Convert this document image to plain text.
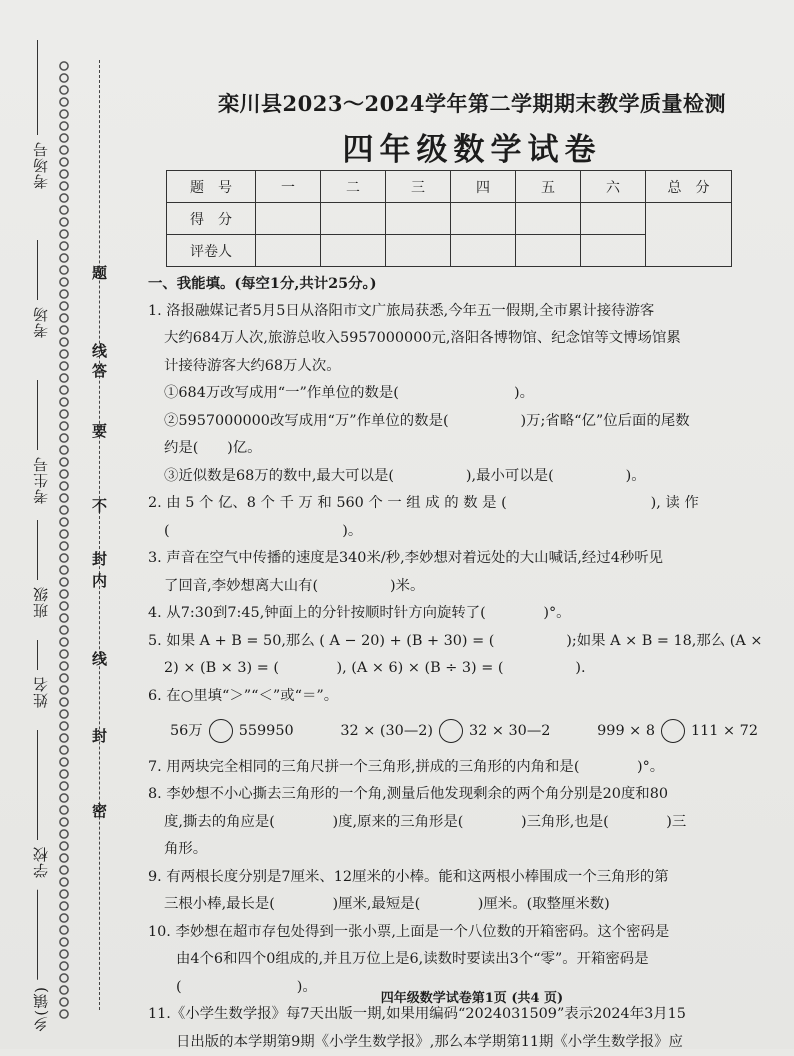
考场号
考场
考生号
班级
姓名
学校
乡(镇)
题
线
答
要
不
封
内
线
封
密
栾川县2023～2024学年第二学期期末教学质量检测
四年级数学试卷
题　号	一	二	三	四	五	六	总　分
得　分							
评卷人							

一、我能填。(每空1分,共计25分。)

1. 洛报融媒记者5月5日从洛阳市文广旅局获悉,今年五一假期,全市累计接待游客

大约684万人次,旅游总收入5957000000元,洛阳各博物馆、纪念馆等文博场馆累

计接待游客大约68万人次。

①684万改写成用“一”作单位的数是(　　　　　　　　)。

②5957000000改写成用“万”作单位的数是(　　　　　)万;省略“亿”位后面的尾数

约是(　　)亿。

③近似数是68万的数中,最大可以是(　　　　　),最小可以是(　　　　　)。

2. 由 5 个 亿、8 个 千 万 和 560 个 一 组 成 的 数 是 (　　　　　　　　　　), 读 作

(　　　　　　　　　　　　)。

3. 声音在空气中传播的速度是340米/秒,李妙想对着远处的大山喊话,经过4秒听见

了回音,李妙想离大山有(　　　　　)米。

4. 从7:30到7:45,钟面上的分针按顺时针方向旋转了(　　　　)°。

5. 如果 A + B = 50,那么 ( A − 20) + (B + 30) = (　　　　　);如果 A × B = 18,那么 (A ×

2) × (B × 3) = (　　　　), (A × 6) × (B ÷ 3) = (　　　　　).

6. 在○里填“＞”“＜”或“＝”。

56万	559950	32 × (30—2)	32 × 30—2	999 × 8	111 × 72

7. 用两块完全相同的三角尺拼一个三角形,拼成的三角形的内角和是(　　　　)°。

8. 李妙想不小心撕去三角形的一个角,测量后他发现剩余的两个角分别是20度和80

度,撕去的角应是(　　　　)度,原来的三角形是(　　　　)三角形,也是(　　　　)三

角形。

9. 有两根长度分别是7厘米、12厘米的小棒。能和这两根小棒围成一个三角形的第

三根小棒,最长是(　　　　)厘米,最短是(　　　　)厘米。(取整厘米数)

10. 李妙想在超市存包处得到一张小票,上面是一个八位数的开箱密码。这个密码是

由4个6和四个0组成的,并且万位上是6,读数时要读出3个“零”。开箱密码是

(　　　　　　　　)。

11.《小学生数学报》每7天出版一期,如果用编码“2024031509”表示2024年3月15

日出版的本学期第9期《小学生数学报》,那么本学期第11期《小学生数学报》应

四年级数学试卷第1页 (共4 页)
